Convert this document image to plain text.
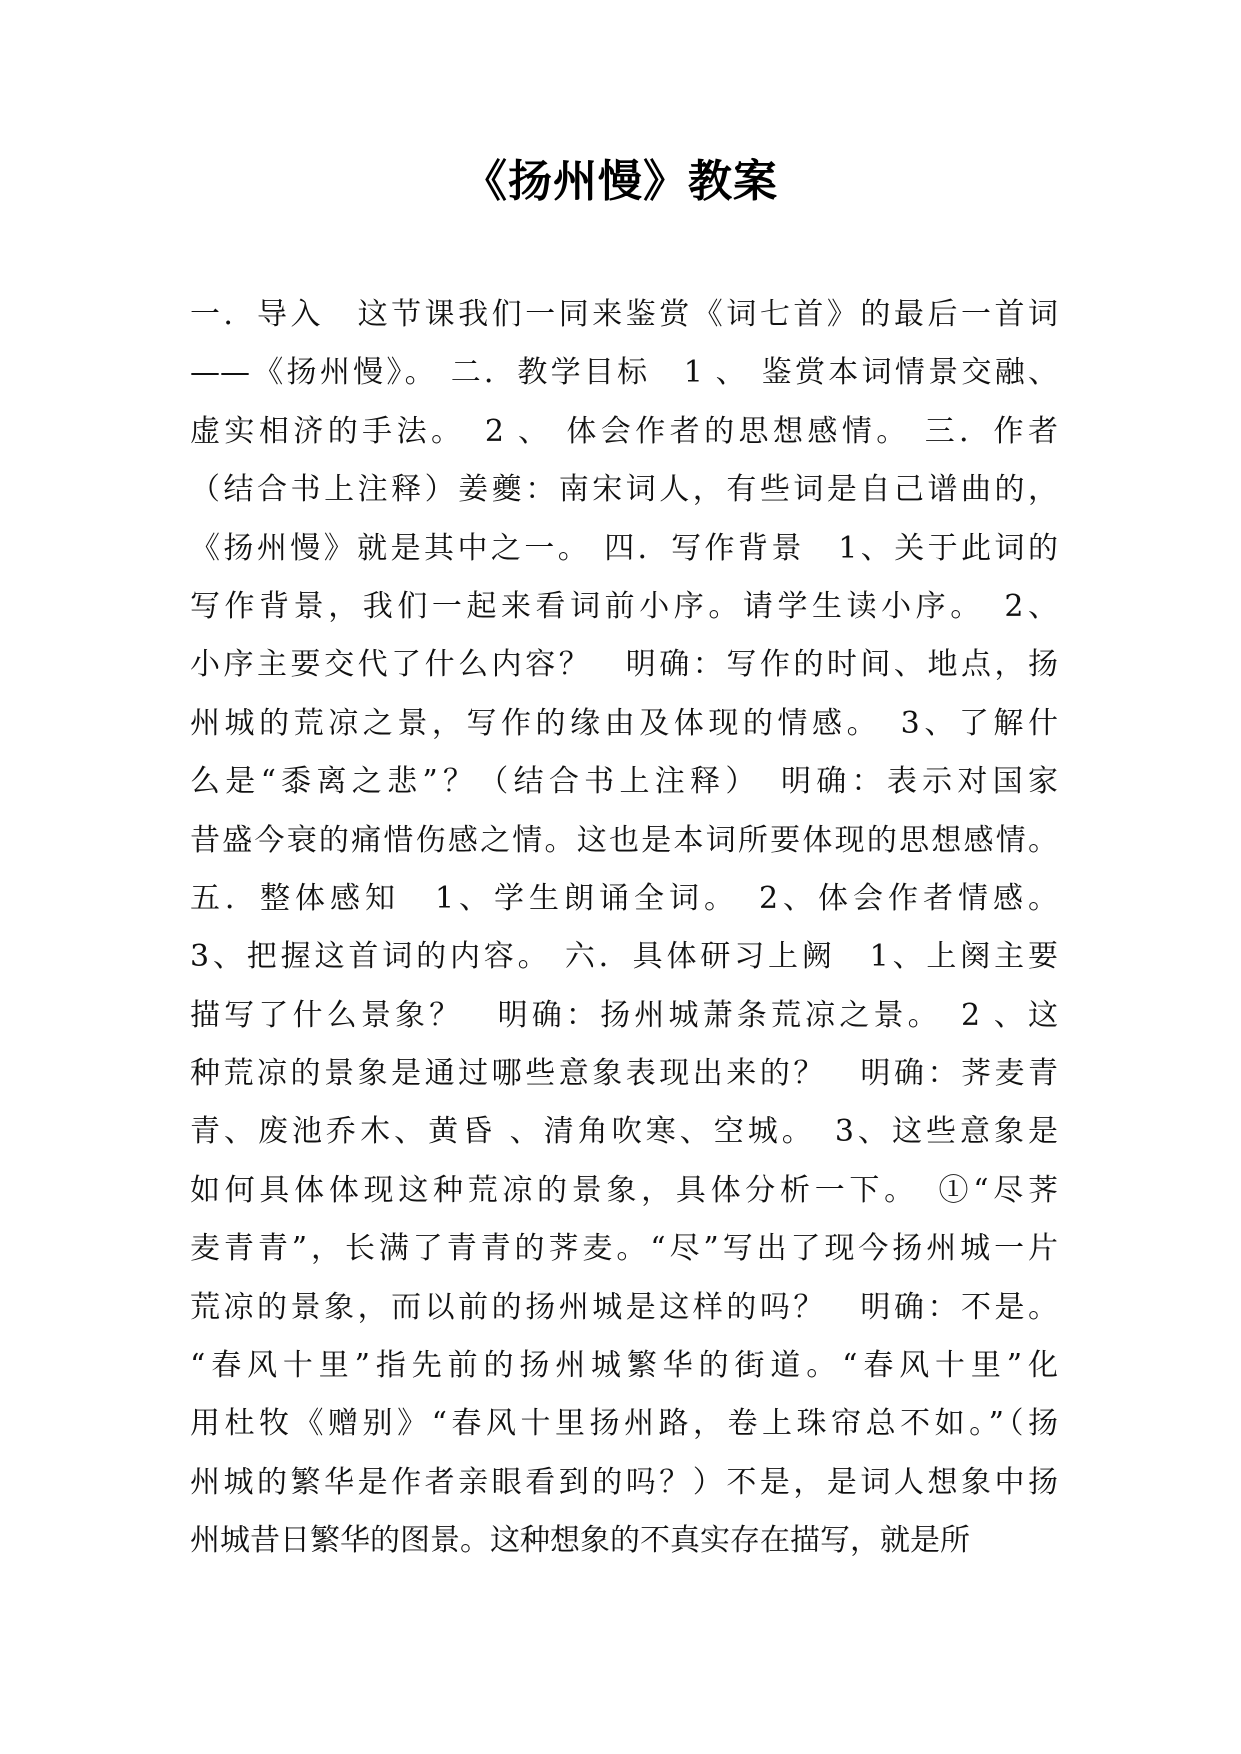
《扬州慢》教案
一．导入　这节课我们一同来鉴赏《词七首》的最后一首词
——《扬州慢》。 二．教学目标　1 、 鉴赏本词情景交融、
虚实相济的手法。　2 、 体会作者的思想感情。 三．作者
（结合书上注释）姜夔：南宋词人，有些词是自己谱曲的，
《扬州慢》就是其中之一。 四．写作背景　1、关于此词的
写作背景，我们一起来看词前小序。请学生读小序。　2、
小序主要交代了什么内容？　明确：写作的时间、地点，扬
州城的荒凉之景，写作的缘由及体现的情感。　3、了解什
么是“黍离之悲”？（结合书上注释）　明确：表示对国家
昔盛今衰的痛惜伤感之情。这也是本词所要体现的思想感情。
五．整体感知　1、学生朗诵全词。　2、体会作者情感。
3、把握这首词的内容。 六．具体研习上阙　1、上阕主要
描写了什么景象？　明确：扬州城萧条荒凉之景。　2 、这
种荒凉的景象是通过哪些意象表现出来的？　明确：荠麦青
青、废池乔木、黄昏 、清角吹寒、空城。　3、这些意象是
如何具体体现这种荒凉的景象，具体分析一下。　①“尽荠
麦青青”，长满了青青的荠麦。“尽”写出了现今扬州城一片
荒凉的景象，而以前的扬州城是这样的吗？　明确：不是。
“春风十里”指先前的扬州城繁华的街道。“春风十里”化
用杜牧《赠别》“春风十里扬州路，卷上珠帘总不如。”（扬
州城的繁华是作者亲眼看到的吗？）不是，是词人想象中扬
州城昔日繁华的图景。这种想象的不真实存在描写，就是所
